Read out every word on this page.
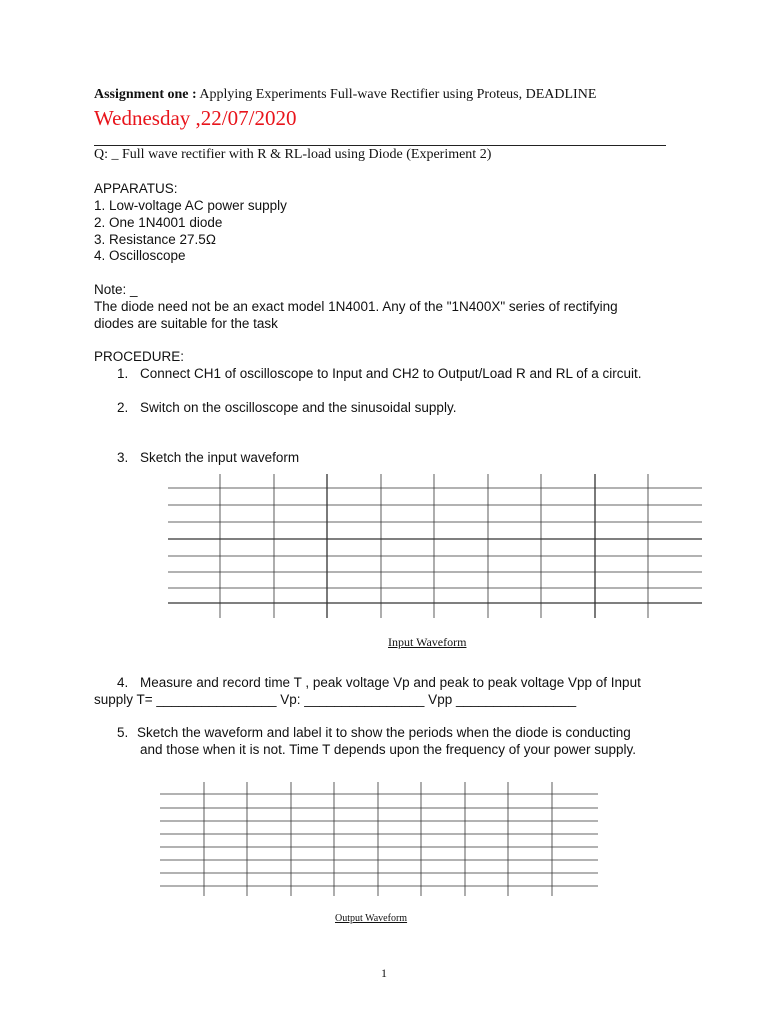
Assignment one : Applying Experiments Full-wave Rectifier using Proteus, DEADLINE
Wednesday ,22/07/2020
Q: _ Full wave rectifier with R & RL-load using Diode (Experiment 2)
APPARATUS:
1. Low-voltage AC power supply
2. One 1N4001 diode
3. Resistance 27.5Ω
4. Oscilloscope
Note: _
The diode need not be an exact model 1N4001. Any of the "1N400X" series of rectifying
diodes are suitable for the task
PROCEDURE:
1. Connect CH1 of oscilloscope to Input and CH2 to Output/Load R and RL of a circuit.
2. Switch on the oscilloscope and the sinusoidal supply.
3. Sketch the input waveform
Input Waveform
4. Measure and record time T , peak voltage Vp and peak to peak voltage Vpp of Input
supply T= ________________ Vp: ________________ Vpp ________________
5. Sketch the waveform and label it to show the periods when the diode is conducting
and those when it is not. Time T depends upon the frequency of your power supply.
Output Waveform
1
